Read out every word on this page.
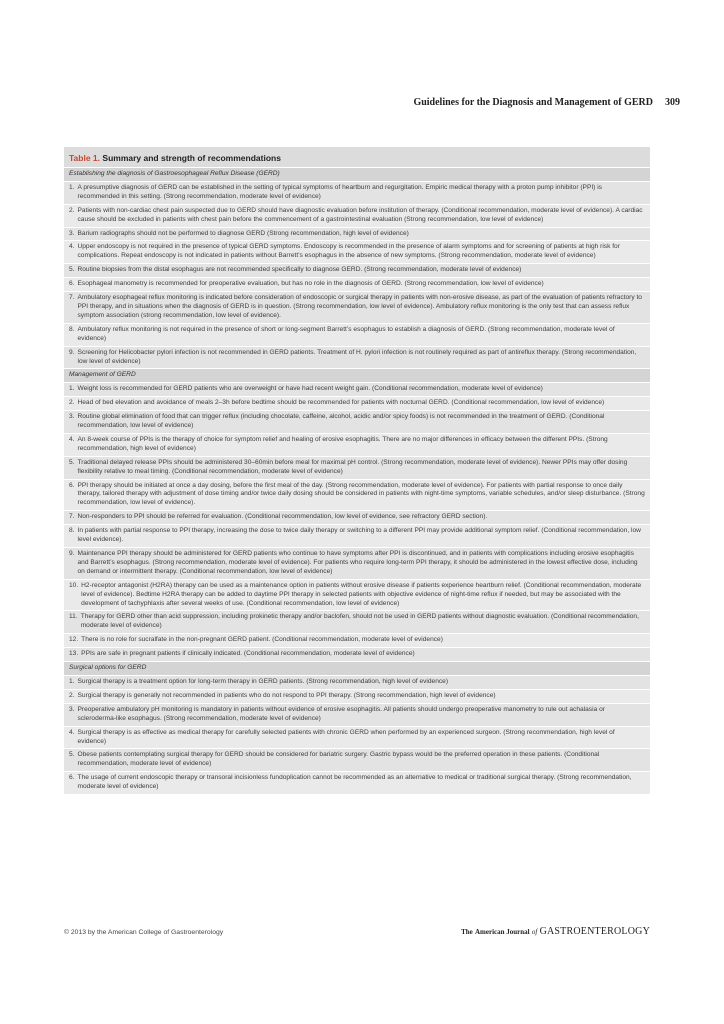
Guidelines for the Diagnosis and Management of GERD 309
Table 1. Summary and strength of recommendations
Establishing the diagnosis of Gastroesophageal Reflux Disease (GERD)
1. A presumptive diagnosis of GERD can be established in the setting of typical symptoms of heartburn and regurgitation. Empiric medical therapy with a proton pump inhibitor (PPI) is recommended in this setting. (Strong recommendation, moderate level of evidence)
2. Patients with non-cardiac chest pain suspected due to GERD should have diagnostic evaluation before institution of therapy. (Conditional recommendation, moderate level of evidence). A cardiac cause should be excluded in patients with chest pain before the commencement of a gastrointestinal evaluation (Strong recommendation, low level of evidence)
3. Barium radiographs should not be performed to diagnose GERD (Strong recommendation, high level of evidence)
4. Upper endoscopy is not required in the presence of typical GERD symptoms. Endoscopy is recommended in the presence of alarm symptoms and for screening of patients at high risk for complications. Repeat endoscopy is not indicated in patients without Barrett’s esophagus in the absence of new symptoms. (Strong recommendation, moderate level of evidence)
5. Routine biopsies from the distal esophagus are not recommended specifically to diagnose GERD. (Strong recommendation, moderate level of evidence)
6. Esophageal manometry is recommended for preoperative evaluation, but has no role in the diagnosis of GERD. (Strong recommendation, low level of evidence)
7. Ambulatory esophageal reflux monitoring is indicated before consideration of endoscopic or surgical therapy in patients with non-erosive disease, as part of the evaluation of patients refractory to PPI therapy, and in situations when the diagnosis of GERD is in question. (Strong recommendation, low level of evidence). Ambulatory reflux monitoring is the only test that can assess reflux symptom association (strong recommendation, low level of evidence).
8. Ambulatory reflux monitoring is not required in the presence of short or long-segment Barrett’s esophagus to establish a diagnosis of GERD. (Strong recommendation, moderate level of evidence)
9. Screening for Helicobacter pylori infection is not recommended in GERD patients. Treatment of H. pylori infection is not routinely required as part of antireflux therapy. (Strong recommendation, low level of evidence)
Management of GERD
1. Weight loss is recommended for GERD patients who are overweight or have had recent weight gain. (Conditional recommendation, moderate level of evidence)
2. Head of bed elevation and avoidance of meals 2–3h before bedtime should be recommended for patients with nocturnal GERD. (Conditional recommendation, low level of evidence)
3. Routine global elimination of food that can trigger reflux (including chocolate, caffeine, alcohol, acidic and/or spicy foods) is not recommended in the treatment of GERD. (Conditional recommendation, low level of evidence)
4. An 8-week course of PPIs is the therapy of choice for symptom relief and healing of erosive esophagitis. There are no major differences in efficacy between the different PPIs. (Strong recommendation, high level of evidence)
5. Traditional delayed release PPIs should be administered 30–60min before meal for maximal pH control. (Strong recommendation, moderate level of evidence). Newer PPIs may offer dosing flexibility relative to meal timing. (Conditional recommendation, moderate level of evidence)
6. PPI therapy should be initiated at once a day dosing, before the first meal of the day. (Strong recommendation, moderate level of evidence). For patients with partial response to once daily therapy, tailored therapy with adjustment of dose timing and/or twice daily dosing should be considered in patients with night-time symptoms, variable schedules, and/or sleep disturbance. (Strong recommendation, low level of evidence).
7. Non-responders to PPI should be referred for evaluation. (Conditional recommendation, low level of evidence, see refractory GERD section).
8. In patients with partial response to PPI therapy, increasing the dose to twice daily therapy or switching to a different PPI may provide additional symptom relief. (Conditional recommendation, low level evidence).
9. Maintenance PPI therapy should be administered for GERD patients who continue to have symptoms after PPI is discontinued, and in patients with complications including erosive esophagitis and Barrett’s esophagus. (Strong recommendation, moderate level of evidence). For patients who require long-term PPI therapy, it should be administered in the lowest effective dose, including on demand or intermittent therapy. (Conditional recommendation, low level of evidence)
10. H2-receptor antagonist (H2RA) therapy can be used as a maintenance option in patients without erosive disease if patients experience heartburn relief. (Conditional recommendation, moderate level of evidence). Bedtime H2RA therapy can be added to daytime PPI therapy in selected patients with objective evidence of night-time reflux if needed, but may be associated with the development of tachyphlaxis after several weeks of use. (Conditional recommendation, low level of evidence)
11. Therapy for GERD other than acid suppression, including prokinetic therapy and/or baclofen, should not be used in GERD patients without diagnostic evaluation. (Conditional recommendation, moderate level of evidence)
12. There is no role for sucralfate in the non-pregnant GERD patient. (Conditional recommendation, moderate level of evidence)
13. PPIs are safe in pregnant patients if clinically indicated. (Conditional recommendation, moderate level of evidence)
Surgical options for GERD
1. Surgical therapy is a treatment option for long-term therapy in GERD patients. (Strong recommendation, high level of evidence)
2. Surgical therapy is generally not recommended in patients who do not respond to PPI therapy. (Strong recommendation, high level of evidence)
3. Preoperative ambulatory pH monitoring is mandatory in patients without evidence of erosive esophagitis. All patients should undergo preoperative manometry to rule out achalasia or scleroderma-like esophagus. (Strong recommendation, moderate level of evidence)
4. Surgical therapy is as effective as medical therapy for carefully selected patients with chronic GERD when performed by an experienced surgeon. (Strong recommendation, high level of evidence)
5. Obese patients contemplating surgical therapy for GERD should be considered for bariatric surgery. Gastric bypass would be the preferred operation in these patients. (Conditional recommendation, moderate level of evidence)
6. The usage of current endoscopic therapy or transoral incisionless fundoplication cannot be recommended as an alternative to medical or traditional surgical therapy. (Strong recommendation, moderate level of evidence)
© 2013 by the American College of Gastroenterology	The American Journal of GASTROENTEROLOGY
